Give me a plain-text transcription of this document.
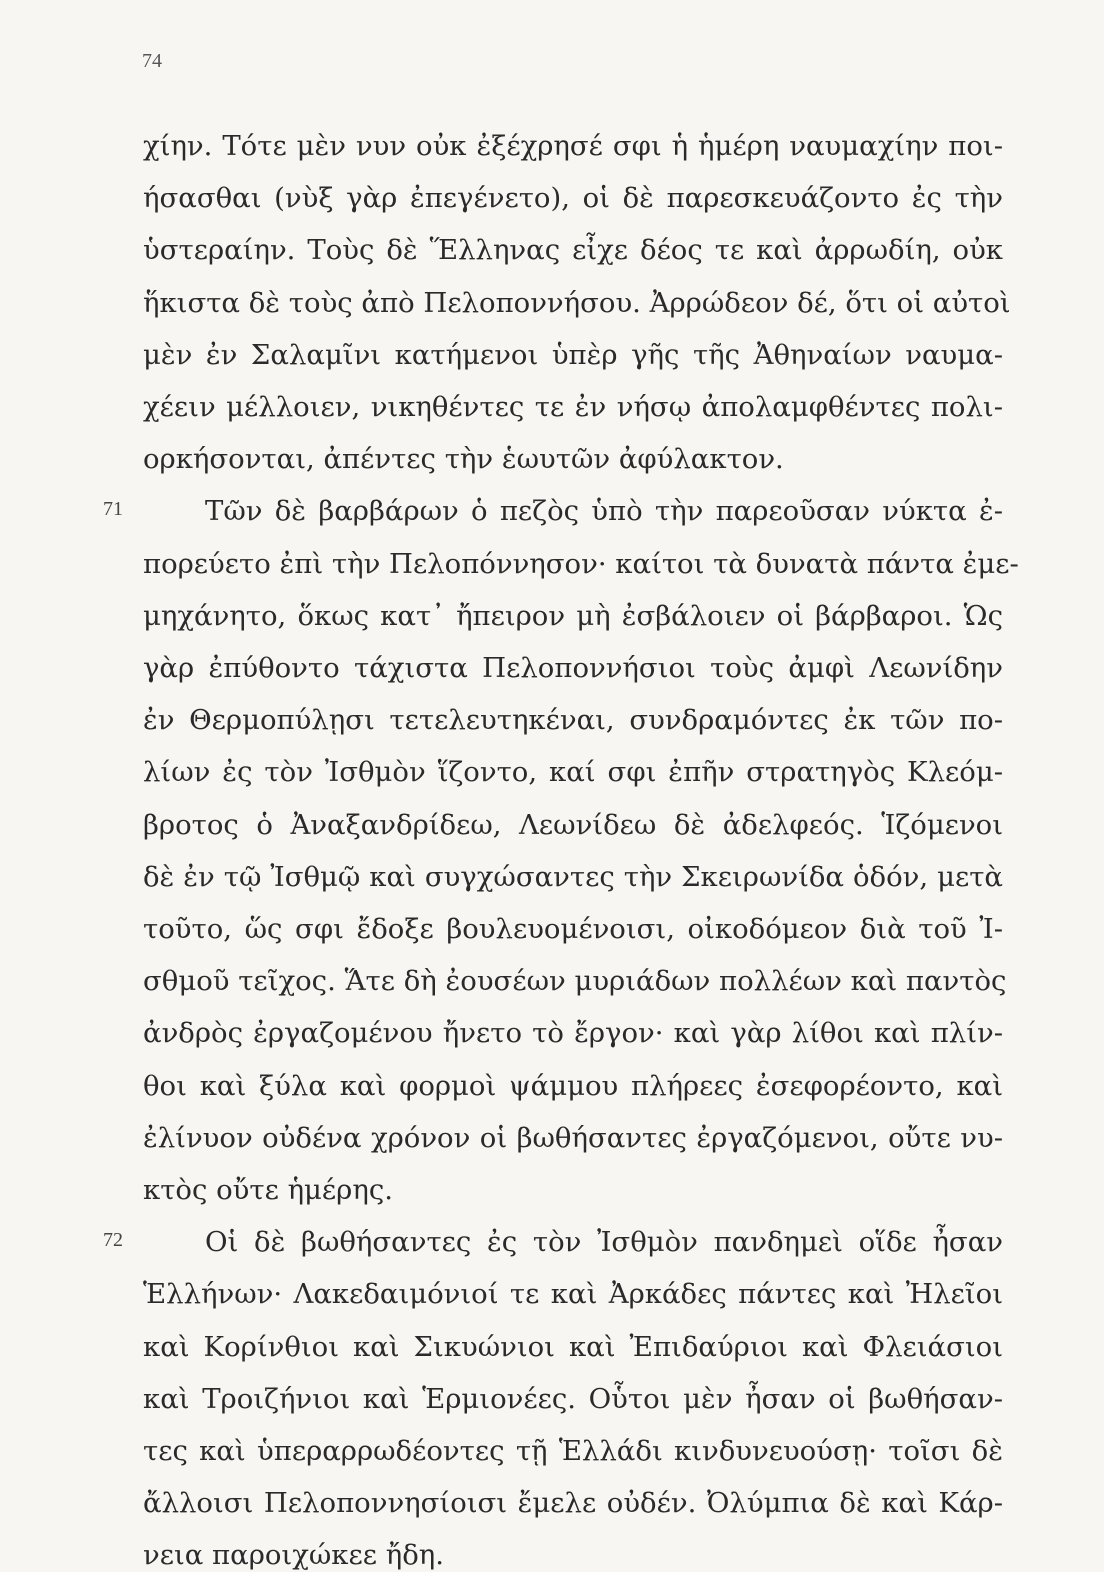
74
χίην. Τότε μὲν νυν οὐκ ἐξέχρησέ σφι ἡ ἡμέρη ναυμαχίην ποι-
ήσασθαι (νὺξ γὰρ ἐπεγένετο), οἱ δὲ παρεσκευάζοντο ἐς τὴν
ὑστεραίην. Τοὺς δὲ Ἕλληνας εἶχε δέος τε καὶ ἀρρωδίη, οὐκ
ἥκιστα δὲ τοὺς ἀπὸ Πελοποννήσου. Ἀρρώδεον δέ, ὅτι οἱ αὐτοὶ
μὲν ἐν Σαλαμῖνι κατήμενοι ὑπὲρ γῆς τῆς Ἀθηναίων ναυμα-
χέειν μέλλοιεν, νικηθέντες τε ἐν νήσῳ ἀπολαμφθέντες πολι-
ορκήσονται, ἀπέντες τὴν ἑωυτῶν ἀφύλακτον.
71	Τῶν δὲ βαρβάρων ὁ πεζὸς ὑπὸ τὴν παρεοῦσαν νύκτα ἐ-
πορεύετο ἐπὶ τὴν Πελοπόννησον· καίτοι τὰ δυνατὰ πάντα ἐμε-
μηχάνητο, ὅκως κατ᾽ ἤπειρον μὴ ἐσβάλοιεν οἱ βάρβαροι. Ὡς
γὰρ ἐπύθοντο τάχιστα Πελοποννήσιοι τοὺς ἀμφὶ Λεωνίδην
ἐν Θερμοπύλῃσι τετελευτηκέναι, συνδραμόντες ἐκ τῶν πο-
λίων ἐς τὸν Ἰσθμὸν ἵζοντο, καί σφι ἐπῆν στρατηγὸς Κλεόμ-
βροτος ὁ Ἀναξανδρίδεω, Λεωνίδεω δὲ ἀδελφεός. Ἱζόμενοι
δὲ ἐν τῷ Ἰσθμῷ καὶ συγχώσαντες τὴν Σκειρωνίδα ὁδόν, μετὰ
τοῦτο, ὥς σφι ἔδοξε βουλευομένοισι, οἰκοδόμεον διὰ τοῦ Ἰ-
σθμοῦ τεῖχος. Ἅτε δὴ ἐουσέων μυριάδων πολλέων καὶ παντὸς
ἀνδρὸς ἐργαζομένου ἤνετο τὸ ἔργον· καὶ γὰρ λίθοι καὶ πλίν-
θοι καὶ ξύλα καὶ φορμοὶ ψάμμου πλήρεες ἐσεφορέοντο, καὶ
ἐλίνυον οὐδένα χρόνον οἱ βωθήσαντες ἐργαζόμενοι, οὔτε νυ-
κτὸς οὔτε ἡμέρης.
72	Οἱ δὲ βωθήσαντες ἐς τὸν Ἰσθμὸν πανδημεὶ οἵδε ἦσαν
Ἑλλήνων· Λακεδαιμόνιοί τε καὶ Ἀρκάδες πάντες καὶ Ἠλεῖοι
καὶ Κορίνθιοι καὶ Σικυώνιοι καὶ Ἐπιδαύριοι καὶ Φλειάσιοι
καὶ Τροιζήνιοι καὶ Ἑρμιονέες. Οὗτοι μὲν ἦσαν οἱ βωθήσαν-
τες καὶ ὑπεραρρωδέοντες τῇ Ἑλλάδι κινδυνευούσῃ· τοῖσι δὲ
ἄλλοισι Πελοποννησίοισι ἔμελε οὐδέν. Ὀλύμπια δὲ καὶ Κάρ-
νεια παροιχώκεε ἤδη.
